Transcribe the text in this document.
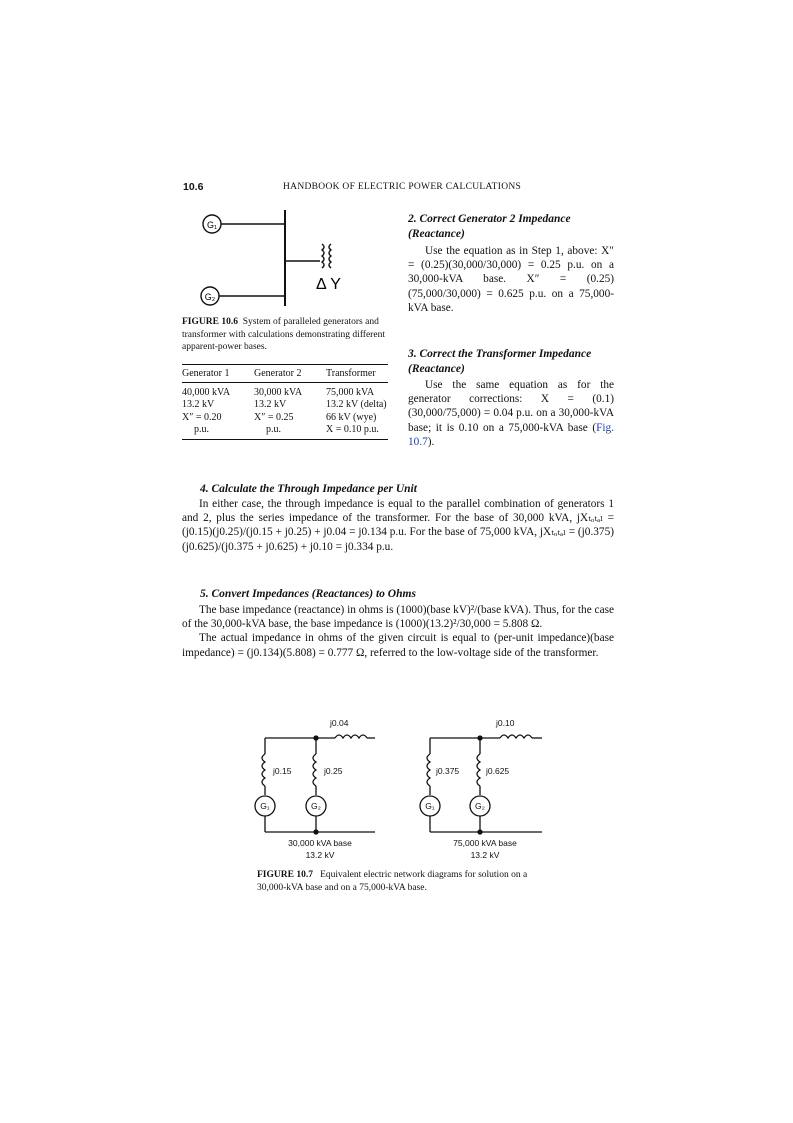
10.6	HANDBOOK OF ELECTRIC POWER CALCULATIONS
G₁
G₂
Δ Y
FIGURE 10.6 System of paralleled generators and transformer with calculations demonstrating different apparent-power bases.
Generator 1	Generator 2	Transformer

40,000 kVA	30,000 kVA	75,000 kVA
13.2 kV	13.2 kV	13.2 kV (delta)
X″ = 0.20	X″ = 0.25	66 kV (wye)
p.u.	p.u.	X = 0.10 p.u.
2. Correct Generator 2 Impedance (Reactance)

Use the equation as in Step 1, above: X″ = (0.25)(30,000/30,000) = 0.25 p.u. on a 30,000-kVA base. X″ = (0.25)(75,000/30,000) = 0.625 p.u. on a 75,000-kVA base.

3. Correct the Transformer Impedance (Reactance)

Use the same equation as for the generator corrections: X = (0.1)(30,000/75,000) = 0.04 p.u. on a 30,000-kVA base; it is 0.10 on a 75,000-kVA base (Fig. 10.7).

4. Calculate the Through Impedance per Unit

In either case, the through impedance is equal to the parallel combination of generators 1 and 2, plus the series impedance of the transformer. For the base of 30,000 kVA, jXₜₒₜₐₗ = (j0.15)(j0.25)/(j0.15 + j0.25) + j0.04 = j0.134 p.u. For the base of 75,000 kVA, jXₜₒₜₐₗ = (j0.375)(j0.625)/(j0.375 + j0.625) + j0.10 = j0.334 p.u.

5. Convert Impedances (Reactances) to Ohms

The base impedance (reactance) in ohms is (1000)(base kV)²/(base kVA). Thus, for the case of the 30,000-kVA base, the base impedance is (1000)(13.2)²/30,000 = 5.808 Ω.

The actual impedance in ohms of the given circuit is equal to (per-unit impedance)(base impedance) = (j0.134)(5.808) = 0.777 Ω, referred to the low-voltage side of the transformer.

j0.04
j0.15	j0.25
G₁	G₂
30,000 kVA base
13.2 kV
j0.10
j0.375	j0.625
G₁	G₂
75,000 kVA base
13.2 kV
FIGURE 10.7 Equivalent electric network diagrams for solution on a 30,000-kVA base and on a 75,000-kVA base.
